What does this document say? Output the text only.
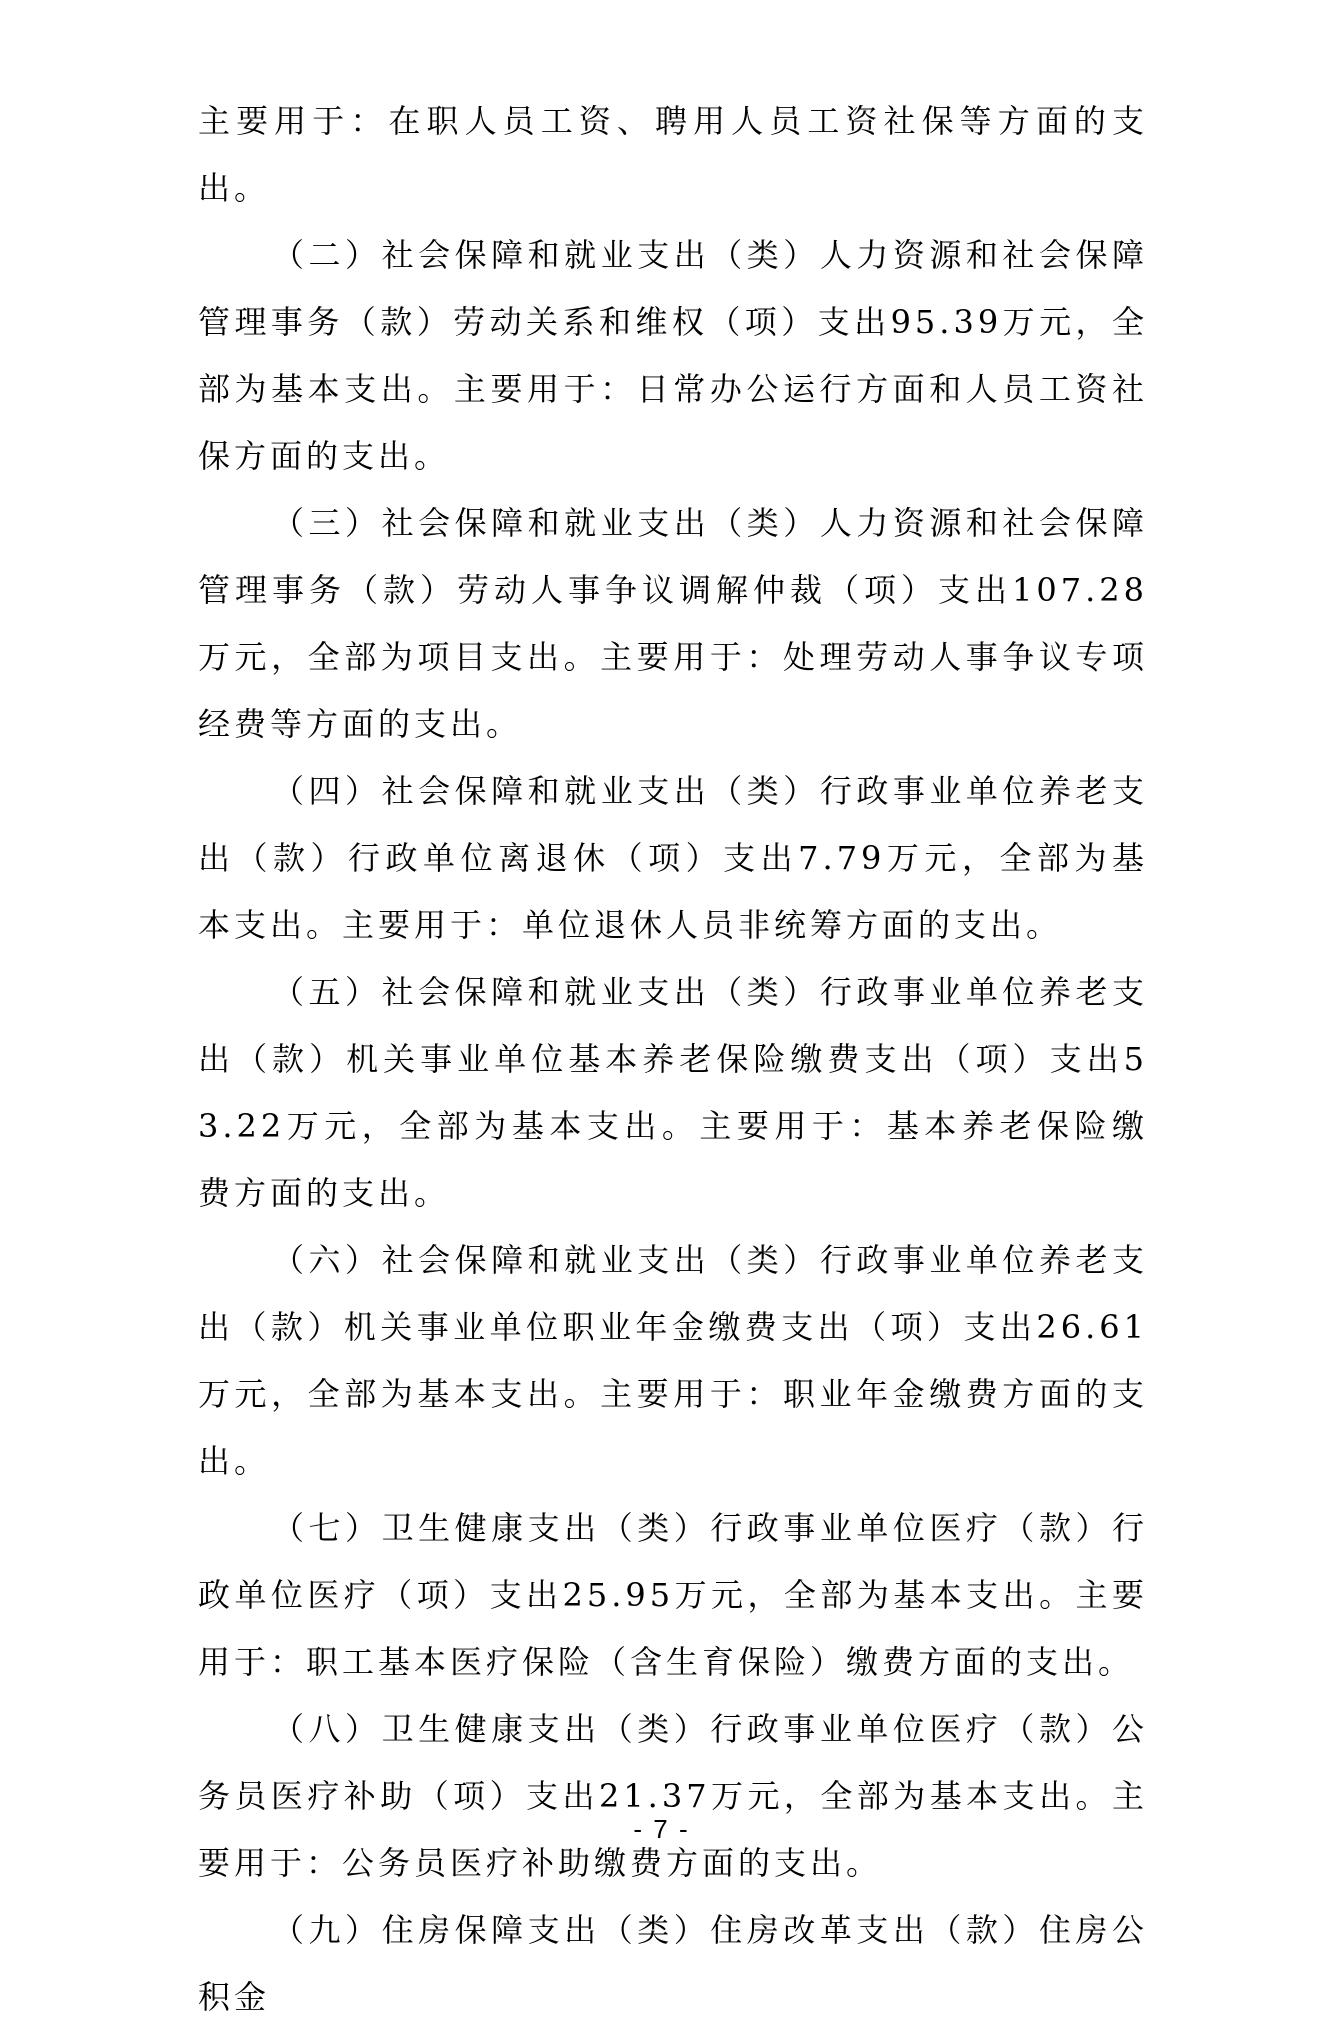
主要用于：在职人员工资、聘用人员工资社保等方面的支出。

（二）社会保障和就业支出（类）人力资源和社会保障管理事务（款）劳动关系和维权（项）支出95.39万元，全部为基本支出。主要用于：日常办公运行方面和人员工资社保方面的支出。

（三）社会保障和就业支出（类）人力资源和社会保障管理事务（款）劳动人事争议调解仲裁（项）支出107.28万元，全部为项目支出。主要用于：处理劳动人事争议专项经费等方面的支出。

（四）社会保障和就业支出（类）行政事业单位养老支出（款）行政单位离退休（项）支出7.79万元，全部为基本支出。主要用于：单位退休人员非统筹方面的支出。

（五）社会保障和就业支出（类）行政事业单位养老支出（款）机关事业单位基本养老保险缴费支出（项）支出53.22万元，全部为基本支出。主要用于：基本养老保险缴费方面的支出。

（六）社会保障和就业支出（类）行政事业单位养老支出（款）机关事业单位职业年金缴费支出（项）支出26.61万元，全部为基本支出。主要用于：职业年金缴费方面的支出。

（七）卫生健康支出（类）行政事业单位医疗（款）行政单位医疗（项）支出25.95万元，全部为基本支出。主要用于：职工基本医疗保险（含生育保险）缴费方面的支出。

（八）卫生健康支出（类）行政事业单位医疗（款）公务员医疗补助（项）支出21.37万元，全部为基本支出。主要用于：公务员医疗补助缴费方面的支出。

（九）住房保障支出（类）住房改革支出（款）住房公积金

- 7 -
